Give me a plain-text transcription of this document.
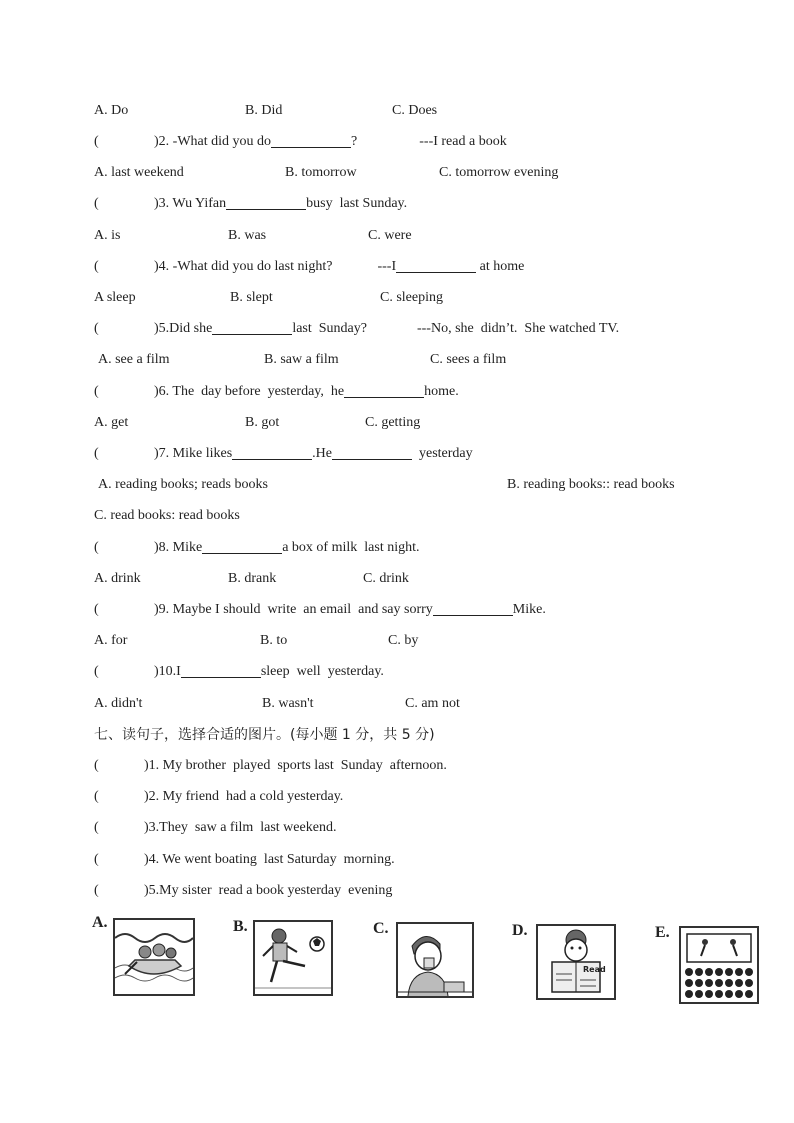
A. Do	B. Did	C. Does
(	)2. -What did you do	?	---I read a book
A. last weekend	B. tomorrow	C. tomorrow evening
(	)3. Wu Yifan	busy  last Sunday.
A. is	B. was	C. were
(	)4. -What did you do last night?	---I	at home
A sleep	B. slept	C. sleeping
(	)5.Did she	last  Sunday?	---No, she  didn’t.  She watched TV.
A. see a film	B. saw a film	C. sees a film
(	)6. The  day before  yesterday,  he	home.
A. get	B. got	C. getting
(	)7. Mike likes	.He	yesterday
A. reading books; reads books	B. reading books:: read books
C. read books: read books
(	)8. Mike	a box of milk  last night.
A. drink	B. drank	C. drink
(	)9. Maybe I should  write  an email  and say sorry	Mike.
A. for	B. to	C. by
(	)10.I	sleep  well  yesterday.
A. didn't	B. wasn't	C. am not
七、读句子，选择合适的图片。(每小题 1 分，共 5 分)
(	)1. My brother  played  sports last  Sunday  afternoon.
(	)2. My friend  had a cold yesterday.
(	)3.They  saw a film  last weekend.
(	)4. We went boating  last Saturday  morning.
(	)5.My sister  read a book yesterday  evening
A.	B.	C.	D.
Read
E.
